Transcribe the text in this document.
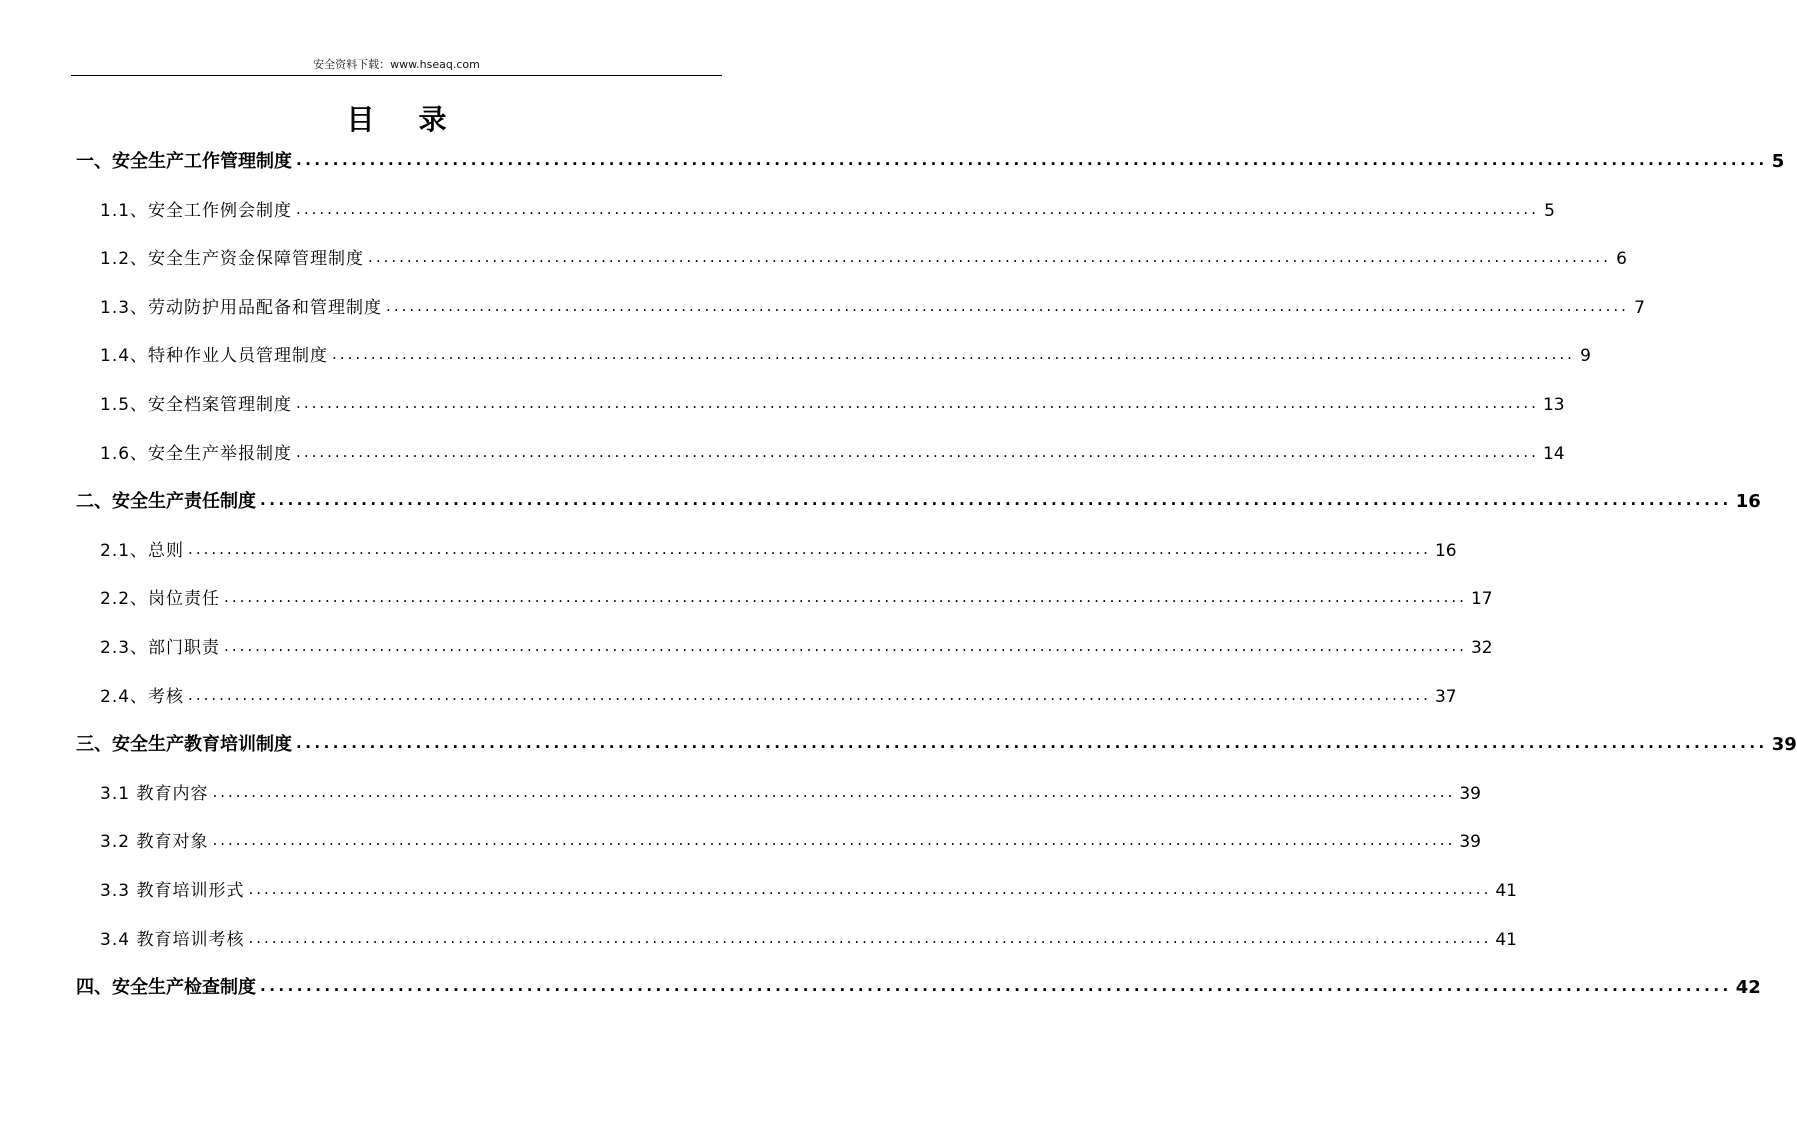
安全资料下载：www.hseaq.com
目 录
一、安全生产工作管理制度 ................................................................................................................................................................ 5
1.1、安全工作例会制度 ................................................................................................................................................................ 5
1.2、安全生产资金保障管理制度 ................................................................................................................................................................ 6
1.3、劳动防护用品配备和管理制度 ................................................................................................................................................................ 7
1.4、特种作业人员管理制度 ................................................................................................................................................................ 9
1.5、安全档案管理制度 ................................................................................................................................................................ 13
1.6、安全生产举报制度 ................................................................................................................................................................ 14
二、安全生产责任制度 ................................................................................................................................................................ 16
2.1、总则 ................................................................................................................................................................ 16
2.2、岗位责任 ................................................................................................................................................................ 17
2.3、部门职责 ................................................................................................................................................................ 32
2.4、考核 ................................................................................................................................................................ 37
三、安全生产教育培训制度 ................................................................................................................................................................ 39
3.1 教育内容 ................................................................................................................................................................ 39
3.2 教育对象 ................................................................................................................................................................ 39
3.3 教育培训形式 ................................................................................................................................................................ 41
3.4 教育培训考核 ................................................................................................................................................................ 41
四、安全生产检查制度 ................................................................................................................................................................ 42
